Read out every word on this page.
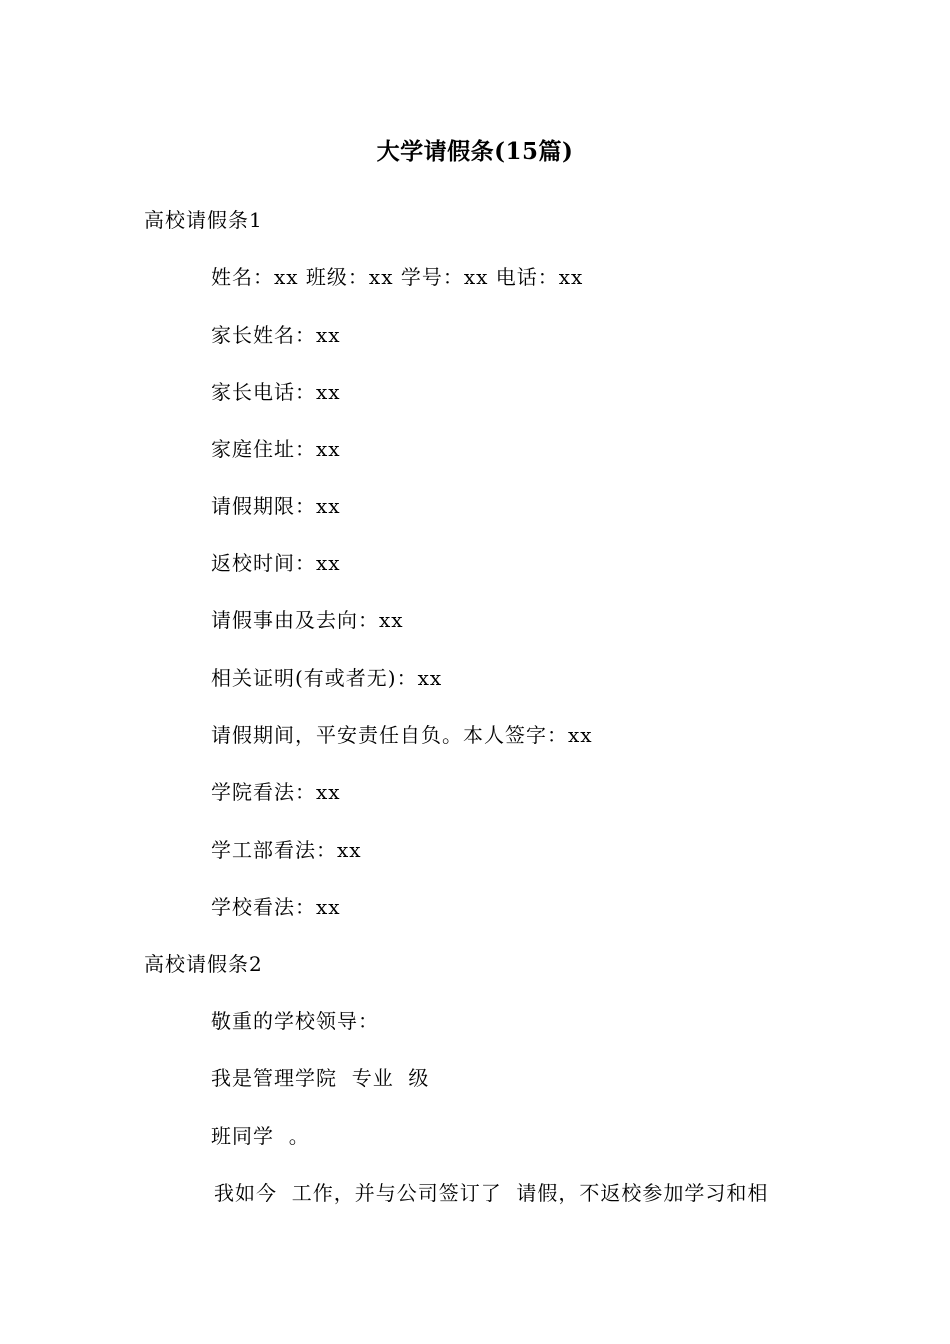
大学请假条(15篇)
高校请假条1
姓名：xx 班级：xx 学号：xx 电话：xx
家长姓名：xx
家长电话：xx
家庭住址：xx
请假期限：xx
返校时间：xx
请假事由及去向：xx
相关证明(有或者无)：xx
请假期间，平安责任自负。本人签字：xx
学院看法：xx
学工部看法：xx
学校看法：xx
高校请假条2
敬重的学校领导：
我是管理学院  专业  级
班同学  。
我如今  工作，并与公司签订了  请假，不返校参加学习和相
